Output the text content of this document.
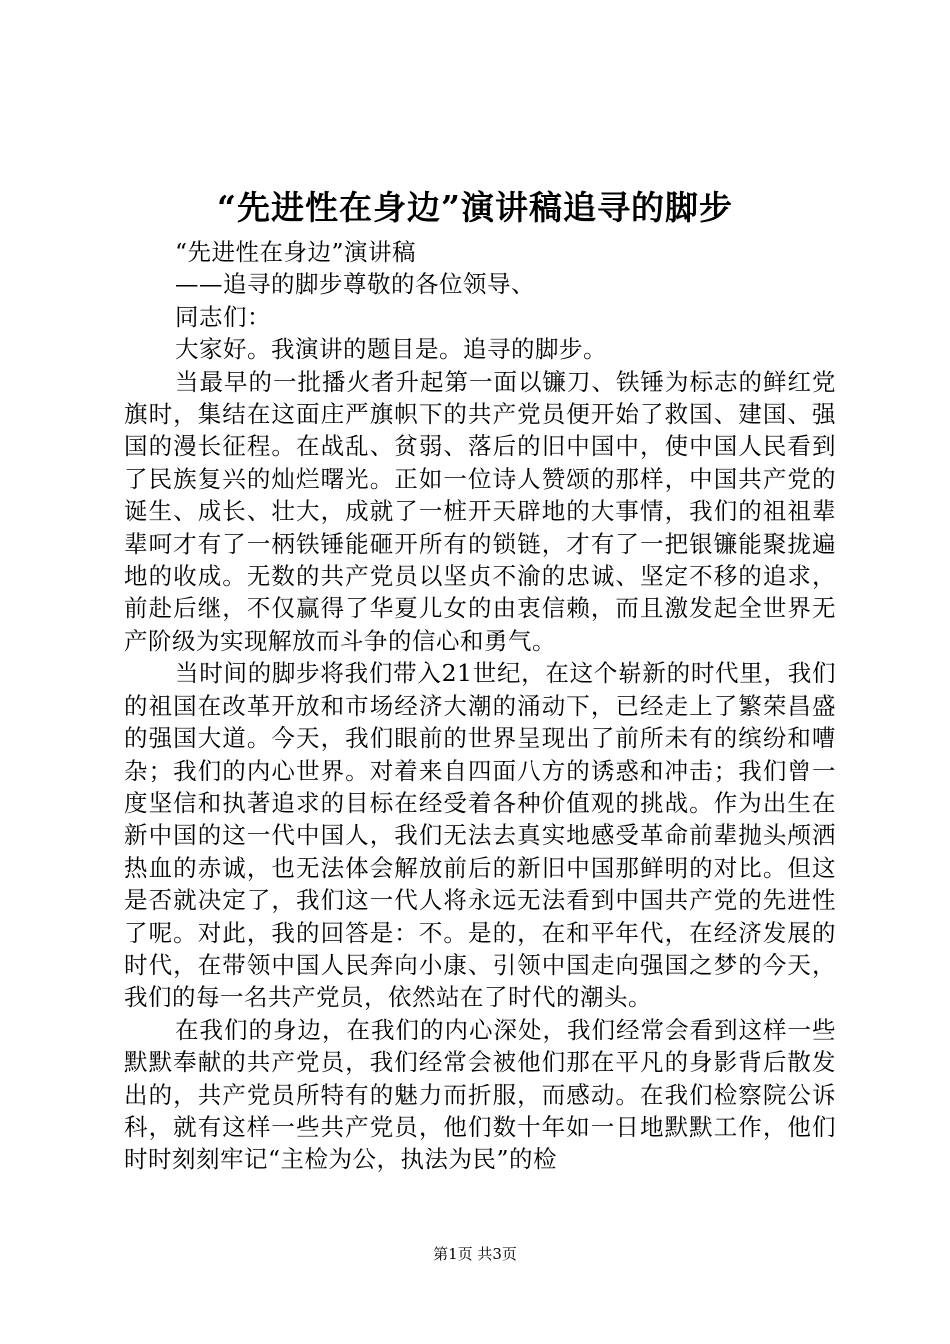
“先进性在身边”演讲稿追寻的脚步

“先进性在身边”演讲稿

——追寻的脚步尊敬的各位领导、

同志们：

大家好。我演讲的题目是。追寻的脚步。

当最早的一批播火者升起第一面以镰刀、铁锤为标志的鲜红党旗时，集结在这面庄严旗帜下的共产党员便开始了救国、建国、强国的漫长征程。在战乱、贫弱、落后的旧中国中，使中国人民看到了民族复兴的灿烂曙光。正如一位诗人赞颂的那样，中国共产党的诞生、成长、壮大，成就了一桩开天辟地的大事情，我们的祖祖辈辈呵才有了一柄铁锤能砸开所有的锁链，才有了一把银镰能聚拢遍地的收成。无数的共产党员以坚贞不渝的忠诚、坚定不移的追求，前赴后继，不仅赢得了华夏儿女的由衷信赖，而且激发起全世界无产阶级为实现解放而斗争的信心和勇气。

当时间的脚步将我们带入21世纪，在这个崭新的时代里，我们的祖国在改革开放和市场经济大潮的涌动下，已经走上了繁荣昌盛的强国大道。今天，我们眼前的世界呈现出了前所未有的缤纷和嘈杂；我们的内心世界。对着来自四面八方的诱惑和冲击；我们曾一度坚信和执著追求的目标在经受着各种价值观的挑战。作为出生在新中国的这一代中国人，我们无法去真实地感受革命前辈抛头颅洒热血的赤诚，也无法体会解放前后的新旧中国那鲜明的对比。但这是否就决定了，我们这一代人将永远无法看到中国共产党的先进性了呢。对此，我的回答是：不。是的，在和平年代，在经济发展的时代，在带领中国人民奔向小康、引领中国走向强国之梦的今天，我们的每一名共产党员，依然站在了时代的潮头。

在我们的身边，在我们的内心深处，我们经常会看到这样一些默默奉献的共产党员，我们经常会被他们那在平凡的身影背后散发出的，共产党员所特有的魅力而折服，而感动。在我们检察院公诉科，就有这样一些共产党员，他们数十年如一日地默默工作，他们时时刻刻牢记“主检为公，执法为民”的检

第1页 共3页
